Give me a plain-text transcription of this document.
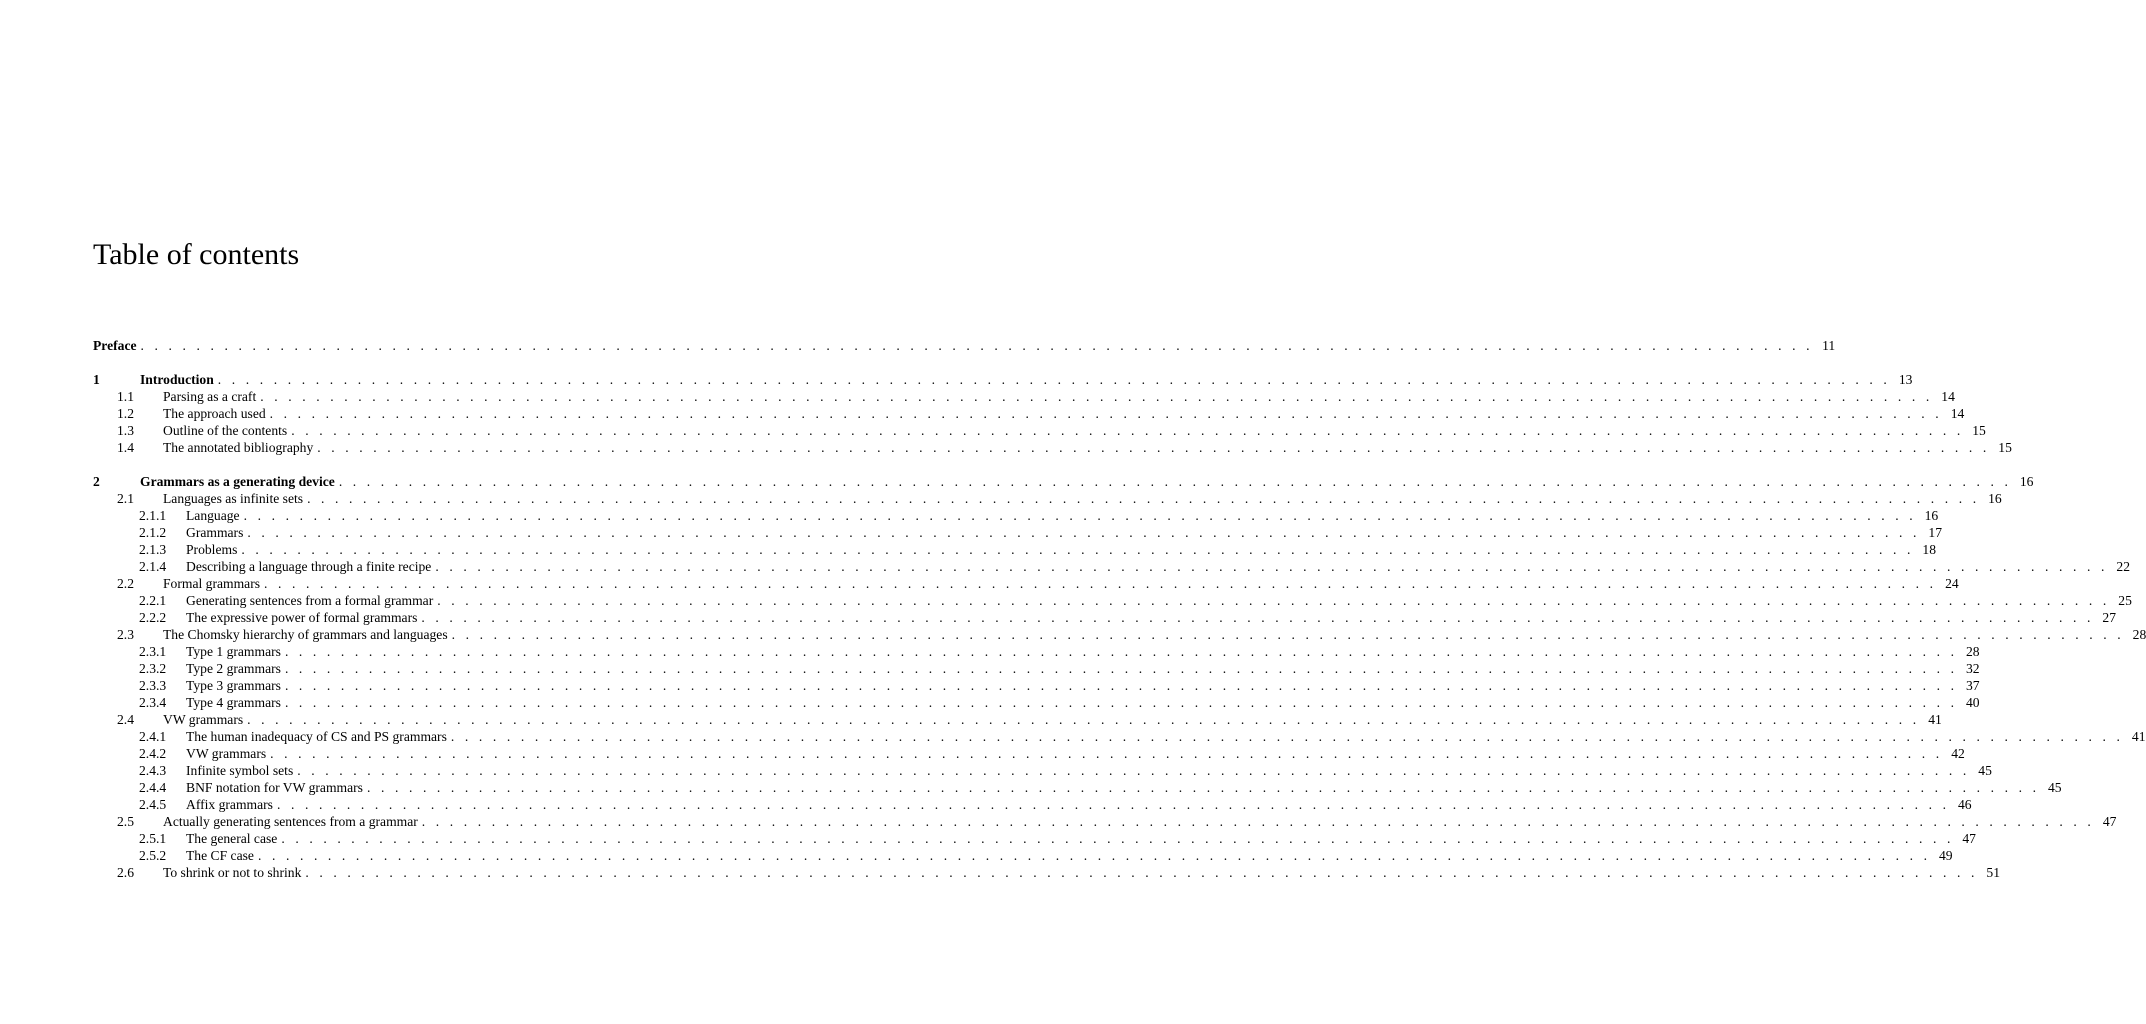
Table of contents
Preface . . . . . . . . . . . . . . . . . . . . . . . . . . . . . . . . . . . . . . . . . . . . . . . . . . . . . . . . . . . . . . . . . . . . . . . . . . . . . . . . . . . . . . . . . . . . . . . . . . . . . . . . . . . . . . . . . . . . . . . . 11
1	Introduction . . . . . . . . . . . . . . . . . . . . . . . . . . . . . . . . . . . . . . . . . . . . . . . . . . . . . . . . . . . . . . . . . . . . . . . . . . . . . . . . . . . . . . . . . . . . . . . . . . . . . . . . . . . . . . . . . . . . . . . . 13
1.1 Parsing as a craft . . . . . . . . . . . . . . . . . . . . . . . . . . . . . . . . . . . . . . . . . . . . . . . . . . . . . . . . . . . . . . . . . . . . . . . . . . . . . . . . . . . . . . . . . . . . . . . . . . . . . . . . . . . . . . . . . . . . . . . . 14
1.2 The approach used . . . . . . . . . . . . . . . . . . . . . . . . . . . . . . . . . . . . . . . . . . . . . . . . . . . . . . . . . . . . . . . . . . . . . . . . . . . . . . . . . . . . . . . . . . . . . . . . . . . . . . . . . . . . . . . . . . . . . . . . 14
1.3 Outline of the contents . . . . . . . . . . . . . . . . . . . . . . . . . . . . . . . . . . . . . . . . . . . . . . . . . . . . . . . . . . . . . . . . . . . . . . . . . . . . . . . . . . . . . . . . . . . . . . . . . . . . . . . . . . . . . . . . . . . . . . . . 15
1.4 The annotated bibliography . . . . . . . . . . . . . . . . . . . . . . . . . . . . . . . . . . . . . . . . . . . . . . . . . . . . . . . . . . . . . . . . . . . . . . . . . . . . . . . . . . . . . . . . . . . . . . . . . . . . . . . . . . . . . . . . . . . . . . . . 15
2	Grammars as a generating device . . . . . . . . . . . . . . . . . . . . . . . . . . . . . . . . . . . . . . . . . . . . . . . . . . . . . . . . . . . . . . . . . . . . . . . . . . . . . . . . . . . . . . . . . . . . . . . . . . . . . . . . . . . . . . . . . . . . . . . . 16
2.1 Languages as infinite sets . . . . . . . . . . . . . . . . . . . . . . . . . . . . . . . . . . . . . . . . . . . . . . . . . . . . . . . . . . . . . . . . . . . . . . . . . . . . . . . . . . . . . . . . . . . . . . . . . . . . . . . . . . . . . . . . . . . . . . . . 16
2.1.1 Language . . . . . . . . . . . . . . . . . . . . . . . . . . . . . . . . . . . . . . . . . . . . . . . . . . . . . . . . . . . . . . . . . . . . . . . . . . . . . . . . . . . . . . . . . . . . . . . . . . . . . . . . . . . . . . . . . . . . . . . . 16
2.1.2 Grammars . . . . . . . . . . . . . . . . . . . . . . . . . . . . . . . . . . . . . . . . . . . . . . . . . . . . . . . . . . . . . . . . . . . . . . . . . . . . . . . . . . . . . . . . . . . . . . . . . . . . . . . . . . . . . . . . . . . . . . . . 17
2.1.3 Problems . . . . . . . . . . . . . . . . . . . . . . . . . . . . . . . . . . . . . . . . . . . . . . . . . . . . . . . . . . . . . . . . . . . . . . . . . . . . . . . . . . . . . . . . . . . . . . . . . . . . . . . . . . . . . . . . . . . . . . . . 18
2.1.4 Describing a language through a finite recipe . . . . . . . . . . . . . . . . . . . . . . . . . . . . . . . . . . . . . . . . . . . . . . . . . . . . . . . . . . . . . . . . . . . . . . . . . . . . . . . . . . . . . . . . . . . . . . . . . . . . . . . . . . . . . . . . . . . . . . . . 22
2.2 Formal grammars . . . . . . . . . . . . . . . . . . . . . . . . . . . . . . . . . . . . . . . . . . . . . . . . . . . . . . . . . . . . . . . . . . . . . . . . . . . . . . . . . . . . . . . . . . . . . . . . . . . . . . . . . . . . . . . . . . . . . . . . 24
2.2.1 Generating sentences from a formal grammar . . . . . . . . . . . . . . . . . . . . . . . . . . . . . . . . . . . . . . . . . . . . . . . . . . . . . . . . . . . . . . . . . . . . . . . . . . . . . . . . . . . . . . . . . . . . . . . . . . . . . . . . . . . . . . . . . . . . . . . . 25
2.2.2 The expressive power of formal grammars . . . . . . . . . . . . . . . . . . . . . . . . . . . . . . . . . . . . . . . . . . . . . . . . . . . . . . . . . . . . . . . . . . . . . . . . . . . . . . . . . . . . . . . . . . . . . . . . . . . . . . . . . . . . . . . . . . . . . . . . 27
2.3 The Chomsky hierarchy of grammars and languages . . . . . . . . . . . . . . . . . . . . . . . . . . . . . . . . . . . . . . . . . . . . . . . . . . . . . . . . . . . . . . . . . . . . . . . . . . . . . . . . . . . . . . . . . . . . . . . . . . . . . . . . . . . . . . . . . . . . . . . . 28
2.3.1 Type 1 grammars . . . . . . . . . . . . . . . . . . . . . . . . . . . . . . . . . . . . . . . . . . . . . . . . . . . . . . . . . . . . . . . . . . . . . . . . . . . . . . . . . . . . . . . . . . . . . . . . . . . . . . . . . . . . . . . . . . . . . . . . 28
2.3.2 Type 2 grammars . . . . . . . . . . . . . . . . . . . . . . . . . . . . . . . . . . . . . . . . . . . . . . . . . . . . . . . . . . . . . . . . . . . . . . . . . . . . . . . . . . . . . . . . . . . . . . . . . . . . . . . . . . . . . . . . . . . . . . . . 32
2.3.3 Type 3 grammars . . . . . . . . . . . . . . . . . . . . . . . . . . . . . . . . . . . . . . . . . . . . . . . . . . . . . . . . . . . . . . . . . . . . . . . . . . . . . . . . . . . . . . . . . . . . . . . . . . . . . . . . . . . . . . . . . . . . . . . . 37
2.3.4 Type 4 grammars . . . . . . . . . . . . . . . . . . . . . . . . . . . . . . . . . . . . . . . . . . . . . . . . . . . . . . . . . . . . . . . . . . . . . . . . . . . . . . . . . . . . . . . . . . . . . . . . . . . . . . . . . . . . . . . . . . . . . . . . 40
2.4 VW grammars . . . . . . . . . . . . . . . . . . . . . . . . . . . . . . . . . . . . . . . . . . . . . . . . . . . . . . . . . . . . . . . . . . . . . . . . . . . . . . . . . . . . . . . . . . . . . . . . . . . . . . . . . . . . . . . . . . . . . . . . 41
2.4.1 The human inadequacy of CS and PS grammars . . . . . . . . . . . . . . . . . . . . . . . . . . . . . . . . . . . . . . . . . . . . . . . . . . . . . . . . . . . . . . . . . . . . . . . . . . . . . . . . . . . . . . . . . . . . . . . . . . . . . . . . . . . . . . . . . . . . . . . . 41
2.4.2 VW grammars . . . . . . . . . . . . . . . . . . . . . . . . . . . . . . . . . . . . . . . . . . . . . . . . . . . . . . . . . . . . . . . . . . . . . . . . . . . . . . . . . . . . . . . . . . . . . . . . . . . . . . . . . . . . . . . . . . . . . . . . 42
2.4.3 Infinite symbol sets . . . . . . . . . . . . . . . . . . . . . . . . . . . . . . . . . . . . . . . . . . . . . . . . . . . . . . . . . . . . . . . . . . . . . . . . . . . . . . . . . . . . . . . . . . . . . . . . . . . . . . . . . . . . . . . . . . . . . . . . 45
2.4.4 BNF notation for VW grammars . . . . . . . . . . . . . . . . . . . . . . . . . . . . . . . . . . . . . . . . . . . . . . . . . . . . . . . . . . . . . . . . . . . . . . . . . . . . . . . . . . . . . . . . . . . . . . . . . . . . . . . . . . . . . . . . . . . . . . . . 45
2.4.5 Affix grammars . . . . . . . . . . . . . . . . . . . . . . . . . . . . . . . . . . . . . . . . . . . . . . . . . . . . . . . . . . . . . . . . . . . . . . . . . . . . . . . . . . . . . . . . . . . . . . . . . . . . . . . . . . . . . . . . . . . . . . . . 46
2.5 Actually generating sentences from a grammar . . . . . . . . . . . . . . . . . . . . . . . . . . . . . . . . . . . . . . . . . . . . . . . . . . . . . . . . . . . . . . . . . . . . . . . . . . . . . . . . . . . . . . . . . . . . . . . . . . . . . . . . . . . . . . . . . . . . . . . . 47
2.5.1 The general case . . . . . . . . . . . . . . . . . . . . . . . . . . . . . . . . . . . . . . . . . . . . . . . . . . . . . . . . . . . . . . . . . . . . . . . . . . . . . . . . . . . . . . . . . . . . . . . . . . . . . . . . . . . . . . . . . . . . . . . . 47
2.5.2 The CF case . . . . . . . . . . . . . . . . . . . . . . . . . . . . . . . . . . . . . . . . . . . . . . . . . . . . . . . . . . . . . . . . . . . . . . . . . . . . . . . . . . . . . . . . . . . . . . . . . . . . . . . . . . . . . . . . . . . . . . . . 49
2.6 To shrink or not to shrink . . . . . . . . . . . . . . . . . . . . . . . . . . . . . . . . . . . . . . . . . . . . . . . . . . . . . . . . . . . . . . . . . . . . . . . . . . . . . . . . . . . . . . . . . . . . . . . . . . . . . . . . . . . . . . . . . . . . . . . . 51
